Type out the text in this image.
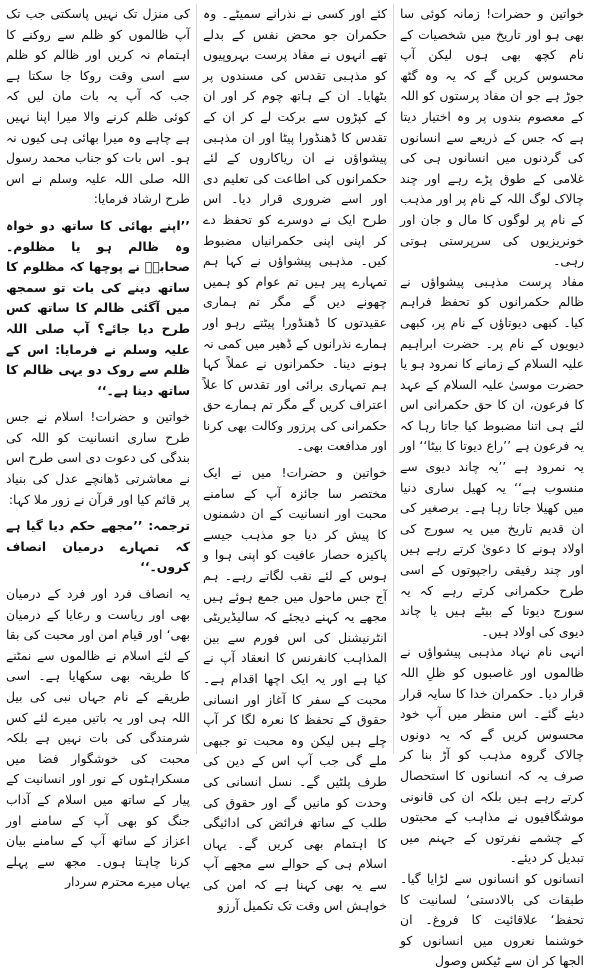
خواتین و حضرات! زمانہ کوئی سا بھی ہو اور تاریخ میں شخصیات کے نام کچھ بھی ہوں لیکن آپ محسوس کریں گے کہ یہ وہ گٹھ جوڑ ہے جو ان مفاد پرستوں کو اللہ کے معصوم بندوں پر وہ اختیار دیتا ہے کہ جس کے ذریعے سے انسانوں کی گردنوں میں انسانوں ہی کی غلامی کے طوق پڑے رہے اور چند چالاک لوگ اللہ کے نام پر اور مذہب کے نام پر لوگوں کا مال و جان اور خونریزیوں کی سرپرستی ہوتی رہی۔

مفاد پرست مذہبی پیشواؤں نے ظالم حکمرانوں کو تحفظ فراہم کیا۔ کبھی دیوتاؤں کے نام پر، کبھی دیویوں کے نام پر۔ حضرت ابراہیم علیہ السلام کے زمانے کا نمرود ہو یا حضرت موسیٰ علیہ السلام کے عہد کا فرعون، ان کا حق حکمرانی اس لئے ہی اتنا مضبوط کیا جاتا رہا کہ یہ فرعون ہے ’’راع دیوتا کا بیٹا‘‘ اور یہ نمرود ہے ’’یہ چاند دیوی سے منسوب ہے‘‘ یہ کھیل ساری دنیا میں کھیلا جاتا رہا ہے۔ برصغیر کی ان قدیم تاریخ میں یہ سورج کی اولاد ہونے کا دعویٰ کرتے رہے ہیں اور چند رفیقی راجپوتوں کے اسی طرح حکمرانی کرتے رہے کہ یہ سورج دیوتا کے بیٹے ہیں یا چاند دیوی کی اولاد ہیں۔

انہی نام نہاد مذہبی پیشواؤں نے ظالموں اور غاصبوں کو ظلِ اللہ قرار دیا۔ حکمران خدا کا سایہ قرار دیئے گئے۔ اس منظر میں آپ خود محسوس کریں گے کہ یہ دونوں چالاک گروہ مذہب کو آڑ بنا کر صرف یہ کہ انسانوں کا استحصال کرتے رہے ہیں بلکہ ان کی قانونی موشگافیوں نے مذاہب کے محبتوں کے چشمے نفرتوں کے جہنم میں تبدیل کر دیئے۔

انسانوں کو انسانوں سے لڑایا گیا۔ طبقات کی بالادستی‘ لسانیت کا تحفظ‘ علاقائیت کا فروغ۔ ان خوشنما نعروں میں انسانوں کو الجھا کر ان سے ٹیکس وصول

کئے اور کسی نے نذرانے سمیٹے۔ وہ حکمران جو محض نفس کے بدلے تھے انہوں نے مفاد پرست بہروپیوں کو مذہبی تقدس کی مسندوں پر بٹھایا۔ ان کے ہاتھ چوم کر اور ان کے کپڑوں سے برکت لے کر ان کے تقدس کا ڈھنڈورا پیٹا اور ان مذہبی پیشواؤں نے ان ریاکاروں کے لئے حکمرانوں کی اطاعت کی تعلیم دی اور اسے ضروری قرار دیا۔ اس طرح ایک نے دوسرے کو تحفظ دے کر اپنی اپنی حکمرانیاں مضبوط کیں۔ مذہبی پیشواؤں نے کہا ہم تمہارے پیر ہیں تم عوام کو ہمیں چھونے دیں گے مگر تم ہماری عقیدتوں کا ڈھنڈورا پیٹتے رہو اور ہمارے نذرانوں کے ڈھیر میں کمی نہ ہونے دینا۔ حکمرانوں نے عملاً کہا ہم تمہاری برائی اور تقدس کا علاً اعتراف کریں گے مگر تم ہمارے حق حکمرانی کی پرزور وکالت بھی کرنا اور مدافعت بھی۔

خواتین و حضرات! میں نے ایک مختصر سا جائزہ آپ کے سامنے محبت اور انسانیت کے ان دشمنوں کا پیش کر دیا جو مذہب جیسے پاکیزہ حصار عافیت کو اپنی ہوا و ہوس کے لئے نقب لگاتے رہے۔ ہم آج جس ماحول میں جمع ہوئے ہیں مجھے یہ کہنے دیجئے کہ سالیڈیریٹی انٹرنیشنل کی اس فورم سے بین المذاہب کانفرنس کا انعقاد آپ نے کیا ہے اور یہ ایک اچھا اقدام ہے۔ محبت کے سفر کا آغاز اور انسانی حقوق کے تحفظ کا نعرہ لگا کر آپ چلے ہیں لیکن وہ محبت تو جبھی ملے گی جب آپ اس کے دین کی طرف پلٹیں گے۔ نسل انسانی کی وحدت کو مانیں گے اور حقوق کی طلب کے ساتھ فرائض کی ادائیگی کا اہتمام بھی کریں گے۔ یہاں اسلام ہی کے حوالے سے مجھے آپ سے یہ بھی کہنا ہے کہ امن کی خواہش اس وقت تک تکمیل آرزو

کی منزل تک نہیں پاسکتی جب تک آپ ظالموں کو ظلم سے روکنے کا اہتمام نہ کریں اور ظالم کو ظلم سے اسی وقت روکا جا سکتا ہے جب کہ آپ یہ بات مان لیں کہ کوئی ظلم کرنے والا میرا اپنا نہیں ہے چاہے وہ میرا بھائی ہی کیوں نہ ہو۔ اس بات کو جناب محمد رسول اللہ صلی اللہ علیہ وسلم نے اس طرح ارشاد فرمایا:

’’اپنے بھائی کا ساتھ دو خواہ وہ ظالم ہو یا مظلوم۔ صحابہؓ نے پوچھا کہ مظلوم کا ساتھ دینے کی بات تو سمجھ میں آگئی ظالم کا ساتھ کس طرح دیا جائے؟ آپ صلی اللہ علیہ وسلم نے فرمایا: اس کے ظلم سے روک دو یہی ظالم کا ساتھ دینا ہے۔‘‘

خواتین و حضرات! اسلام نے جس طرح ساری انسانیت کو اللہ کی بندگی کی دعوت دی اسی طرح اس نے معاشرتی ڈھانچے عدل کی بنیاد پر قائم کیا اور قرآن نے زور ملا کہا:

ترجمہ: ’’مجھے حکم دیا گیا ہے کہ تمہارے درمیان انصاف کروں۔‘‘

یہ انصاف فرد اور فرد کے درمیان بھی اور ریاست و رعایا کے درمیان بھی‘ اور قیام امن اور محبت کی بقا کے لئے اسلام نے ظالموں سے نمٹنے کا طریقہ بھی سکھایا ہے۔ اسی طریقے کے نام جہاں نبی کی بیل اللہ ہی اور یہ باتیں میرے لئے کس شرمندگی کی بات نہیں ہے بلکہ محبت کی خوشگوار فضا میں مسکراہٹوں کے نور اور انسانیت کے پیار کے ساتھ میں اسلام کے آداب جنگ کو بھی آپ کے سامنے اور اعزاز کے ساتھ آپ کے سامنے بیان کرنا چاہتا ہوں۔ مجھ سے پہلے یہاں میرے محترم سردار
